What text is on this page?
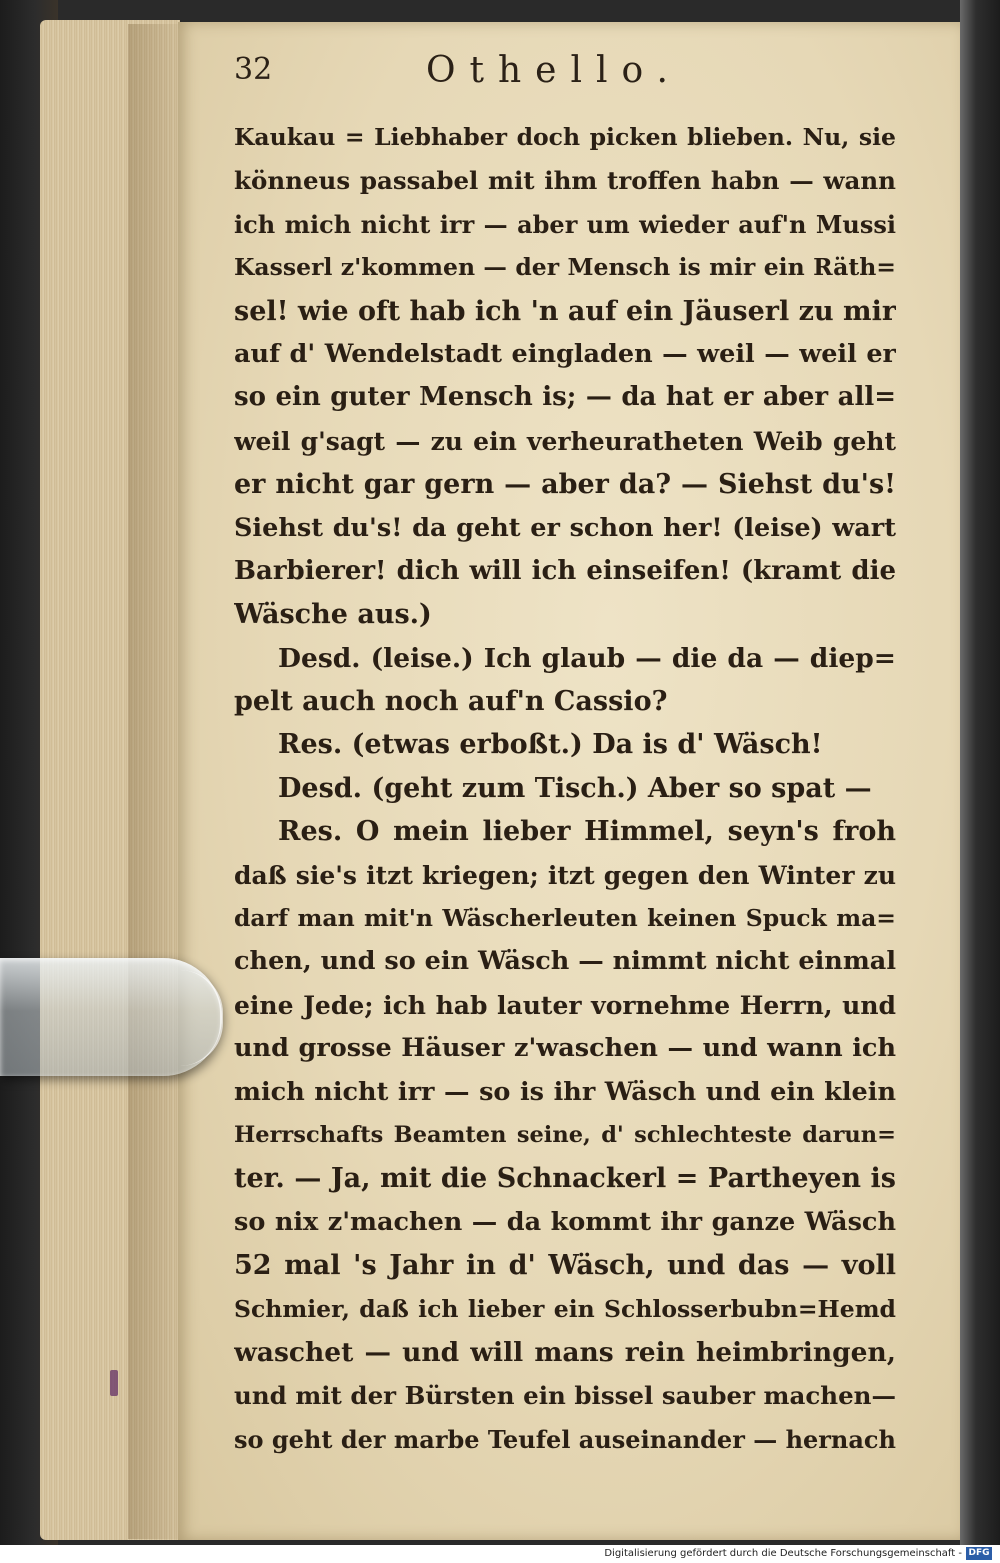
32	Othello.
Kaukau = Liebhaber doch picken blieben. Nu, sie
könneus passabel mit ihm troffen habn — wann
ich mich nicht irr — aber um wieder auf'n Mussi
Kasserl z'kommen — der Mensch is mir ein Räth=
sel! wie oft hab ich 'n auf ein Jäuserl zu mir
auf d' Wendelstadt eingladen — weil — weil er
so ein guter Mensch is; — da hat er aber all=
weil g'sagt — zu ein verheuratheten Weib geht
er nicht gar gern — aber da? — Siehst du's!
Siehst du's! da geht er schon her! (leise) wart
Barbierer! dich will ich einseifen! (kramt die
Wäsche aus.)
Desd. (leise.) Ich glaub — die da — diep=
pelt auch noch auf'n Cassio?
Res. (etwas erboßt.) Da is d' Wäsch!
Desd. (geht zum Tisch.) Aber so spat —
Res. O mein lieber Himmel, seyn's froh
daß sie's itzt kriegen; itzt gegen den Winter zu
darf man mit'n Wäscherleuten keinen Spuck ma=
chen, und so ein Wäsch — nimmt nicht einmal
eine Jede; ich hab lauter vornehme Herrn, und
und grosse Häuser z'waschen — und wann ich
mich nicht irr — so is ihr Wäsch und ein klein
Herrschafts Beamten seine, d' schlechteste darun=
ter. — Ja, mit die Schnackerl = Partheyen is
so nix z'machen — da kommt ihr ganze Wäsch
52 mal 's Jahr in d' Wäsch, und das — voll
Schmier, daß ich lieber ein Schlosserbubn=Hemd
waschet — und will mans rein heimbringen,
und mit der Bürsten ein bissel sauber machen—
so geht der marbe Teufel auseinander — hernach
Digitalisierung gefördert durch die Deutsche Forschungsgemeinschaft - DFG
